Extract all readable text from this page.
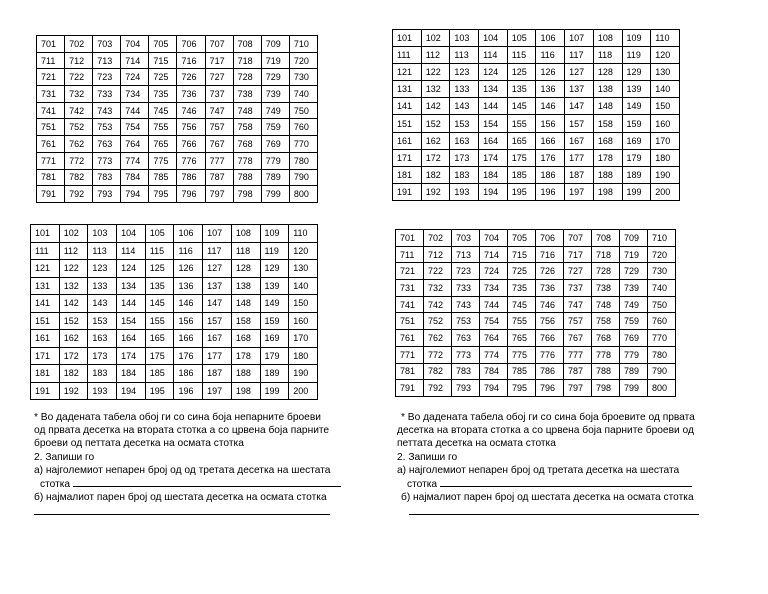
701	702	703	704	705	706	707	708	709	710
711	712	713	714	715	716	717	718	719	720
721	722	723	724	725	726	727	728	729	730
731	732	733	734	735	736	737	738	739	740
741	742	743	744	745	746	747	748	749	750
751	752	753	754	755	756	757	758	759	760
761	762	763	764	765	766	767	768	769	770
771	772	773	774	775	776	777	778	779	780
781	782	783	784	785	786	787	788	789	790
791	792	793	794	795	796	797	798	799	800
101	102	103	104	105	106	107	108	109	110
111	112	113	114	115	116	117	118	119	120
121	122	123	124	125	126	127	128	129	130
131	132	133	134	135	136	137	138	139	140
141	142	143	144	145	146	147	148	149	150
151	152	153	154	155	156	157	158	159	160
161	162	163	164	165	166	167	168	169	170
171	172	173	174	175	176	177	178	179	180
181	182	183	184	185	186	187	188	189	190
191	192	193	194	195	196	197	198	199	200
101	102	103	104	105	106	107	108	109	110
111	112	113	114	115	116	117	118	119	120
121	122	123	124	125	126	127	128	129	130
131	132	133	134	135	136	137	138	139	140
141	142	143	144	145	146	147	148	149	150
151	152	153	154	155	156	157	158	159	160
161	162	163	164	165	166	167	168	169	170
171	172	173	174	175	176	177	178	179	180
181	182	183	184	185	186	187	188	189	190
191	192	193	194	195	196	197	198	199	200
701	702	703	704	705	706	707	708	709	710
711	712	713	714	715	716	717	718	719	720
721	722	723	724	725	726	727	728	729	730
731	732	733	734	735	736	737	738	739	740
741	742	743	744	745	746	747	748	749	750
751	752	753	754	755	756	757	758	759	760
761	762	763	764	765	766	767	768	769	770
771	772	773	774	775	776	777	778	779	780
781	782	783	784	785	786	787	788	789	790
791	792	793	794	795	796	797	798	799	800
* Во дадената табела обој ги со сина боја непарните броеви
од првата десетка на втората стотка а со црвена боја парните
броеви од петтата десетка на осмата стотка
2. Запиши го
а) најголемиот непарен број од од третата десетка на шестата
стотка
б) најмалиот парен број од шестата десетка на осмата стотка
* Во дадената табела обој ги со сина боја броевите од првата
десетка на втората стотка а со црвена боја парните броеви од
петтата десетка на осмата стотка
2. Запиши го
а) најголемиот непарен број од третата десетка на шестата
стотка
б) најмалиот парен број од шестата десетка на осмата стотка
